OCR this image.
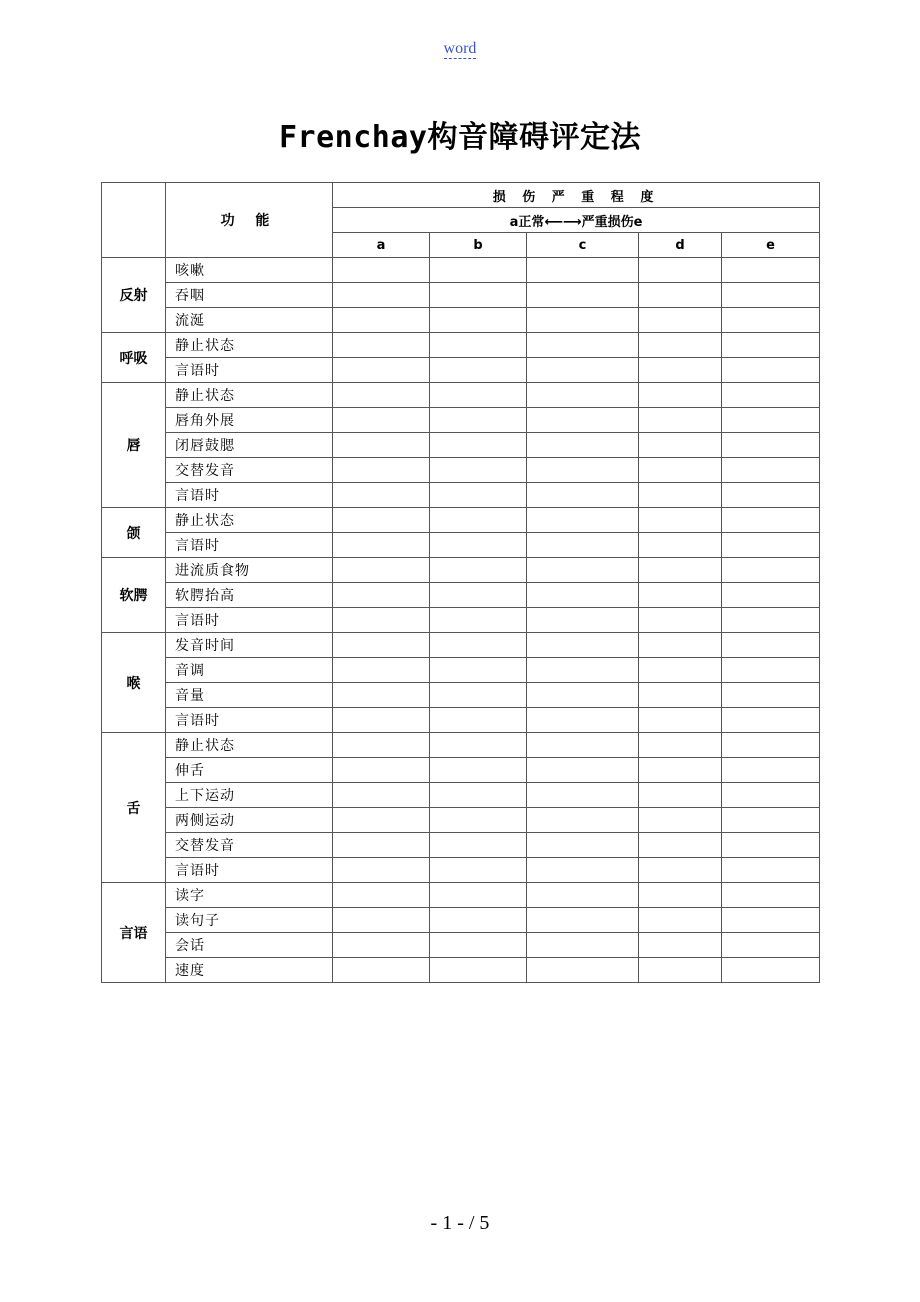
word
Frenchay构音障碍评定法
	功 能	损 伤 严 重 程 度				
		a正常⟵⟶严重损伤e				
		a	b	c	d	e
反射	咳嗽					
	吞咽					
	流涎					
呼吸	静止状态					
	言语时					
唇	静止状态					
	唇角外展					
	闭唇鼓腮					
	交替发音					
	言语时					
颌	静止状态					
	言语时					
软腭	进流质食物					
	软腭抬高					
	言语时					
喉	发音时间					
	音调					
	音量					
	言语时					
舌	静止状态					
	伸舌					
	上下运动					
	两侧运动					
	交替发音					
	言语时					
言语	读字					
	读句子					
	会话					
	速度					
- 1 - / 5
